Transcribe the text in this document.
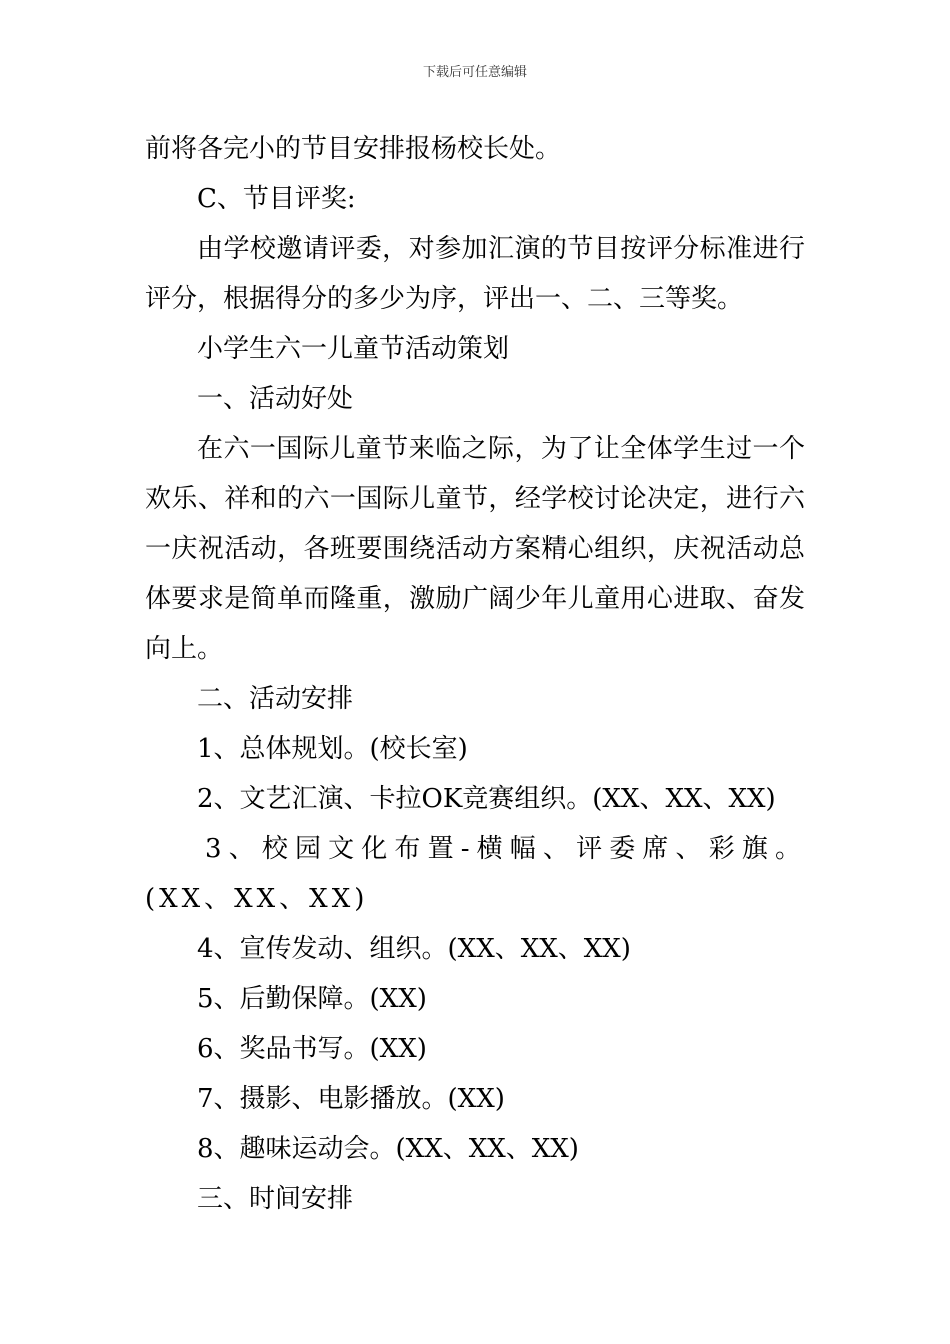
下载后可任意编辑

前将各完小的节目安排报杨校长处。

C、节目评奖:

由学校邀请评委，对参加汇演的节目按评分标准进行评分，根据得分的多少为序，评出一、二、三等奖。

小学生六一儿童节活动策划

一、活动好处

在六一国际儿童节来临之际，为了让全体学生过一个欢乐、祥和的六一国际儿童节，经学校讨论决定，进行六一庆祝活动，各班要围绕活动方案精心组织，庆祝活动总体要求是简单而隆重，激励广阔少年儿童用心进取、奋发向上。

二、活动安排

1、总体规划。(校长室)

2、文艺汇演、卡拉OK竞赛组织。(XX、XX、XX)

3、校园文化布置-横幅、评委席、彩旗。(XX、XX、XX)

4、宣传发动、组织。(XX、XX、XX)

5、后勤保障。(XX)

6、奖品书写。(XX)

7、摄影、电影播放。(XX)

8、趣味运动会。(XX、XX、XX)

三、时间安排
